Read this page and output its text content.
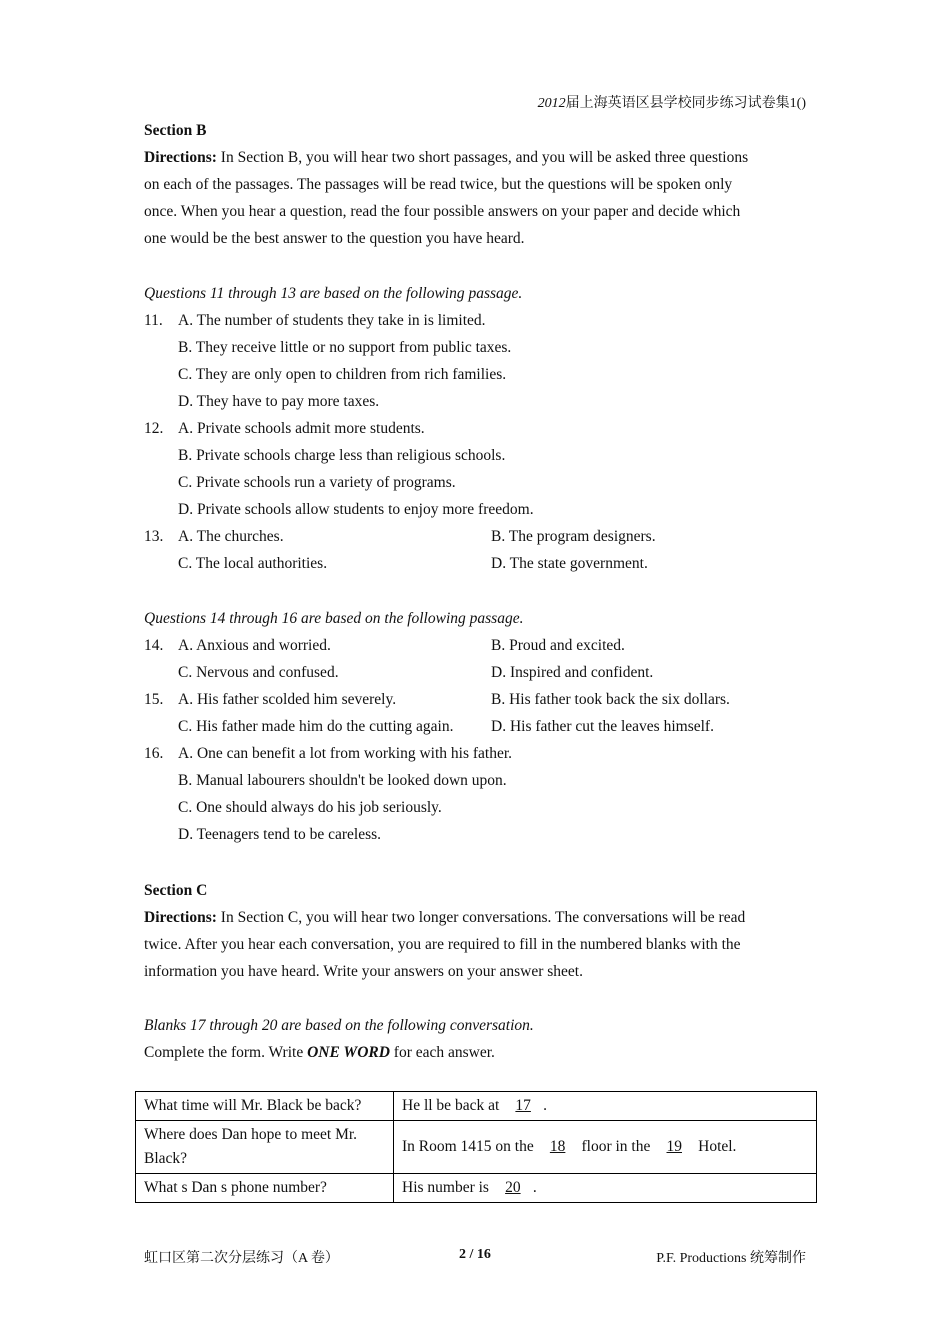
2012届上海英语区县学校同步练习试卷集1()
Section B
Directions: In Section B, you will hear two short passages, and you will be asked three questions
on each of the passages. The passages will be read twice, but the questions will be spoken only
once. When you hear a question, read the four possible answers on your paper and decide which
one would be the best answer to the question you have heard.
Questions 11 through 13 are based on the following passage.
11. A. The number of students they take in is limited.
B. They receive little or no support from public taxes.
C. They are only open to children from rich families.
D. They have to pay more taxes.
12. A. Private schools admit more students.
B. Private schools charge less than religious schools.
C. Private schools run a variety of programs.
D. Private schools allow students to enjoy more freedom.
13. A. The churches.	B. The program designers.
C. The local authorities.	D. The state government.
Questions 14 through 16 are based on the following passage.
14. A. Anxious and worried.	B. Proud and excited.
C. Nervous and confused.	D. Inspired and confident.
15. A. His father scolded him severely.	B. His father took back the six dollars.
C. His father made him do the cutting again. D. His father cut the leaves himself.
16. A. One can benefit a lot from working with his father.
B. Manual labourers shouldn't be looked down upon.
C. One should always do his job seriously.
D. Teenagers tend to be careless.
Section C
Directions: In Section C, you will hear two longer conversations. The conversations will be read
twice. After you hear each conversation, you are required to fill in the numbered blanks with the
information you have heard. Write your answers on your answer sheet.
Blanks 17 through 20 are based on the following conversation.
Complete the form. Write ONE WORD for each answer.
What time will Mr. Black be back?	He ll be back at 17 .
Where does Dan hope to meet Mr. Black?	In Room 1415 on the 18 floor in the 19 Hotel.
What s Dan s phone number?	His number is 20 .
虹口区第二次分层练习（A 卷）	2 / 16	P.F. Productions 统筹制作
